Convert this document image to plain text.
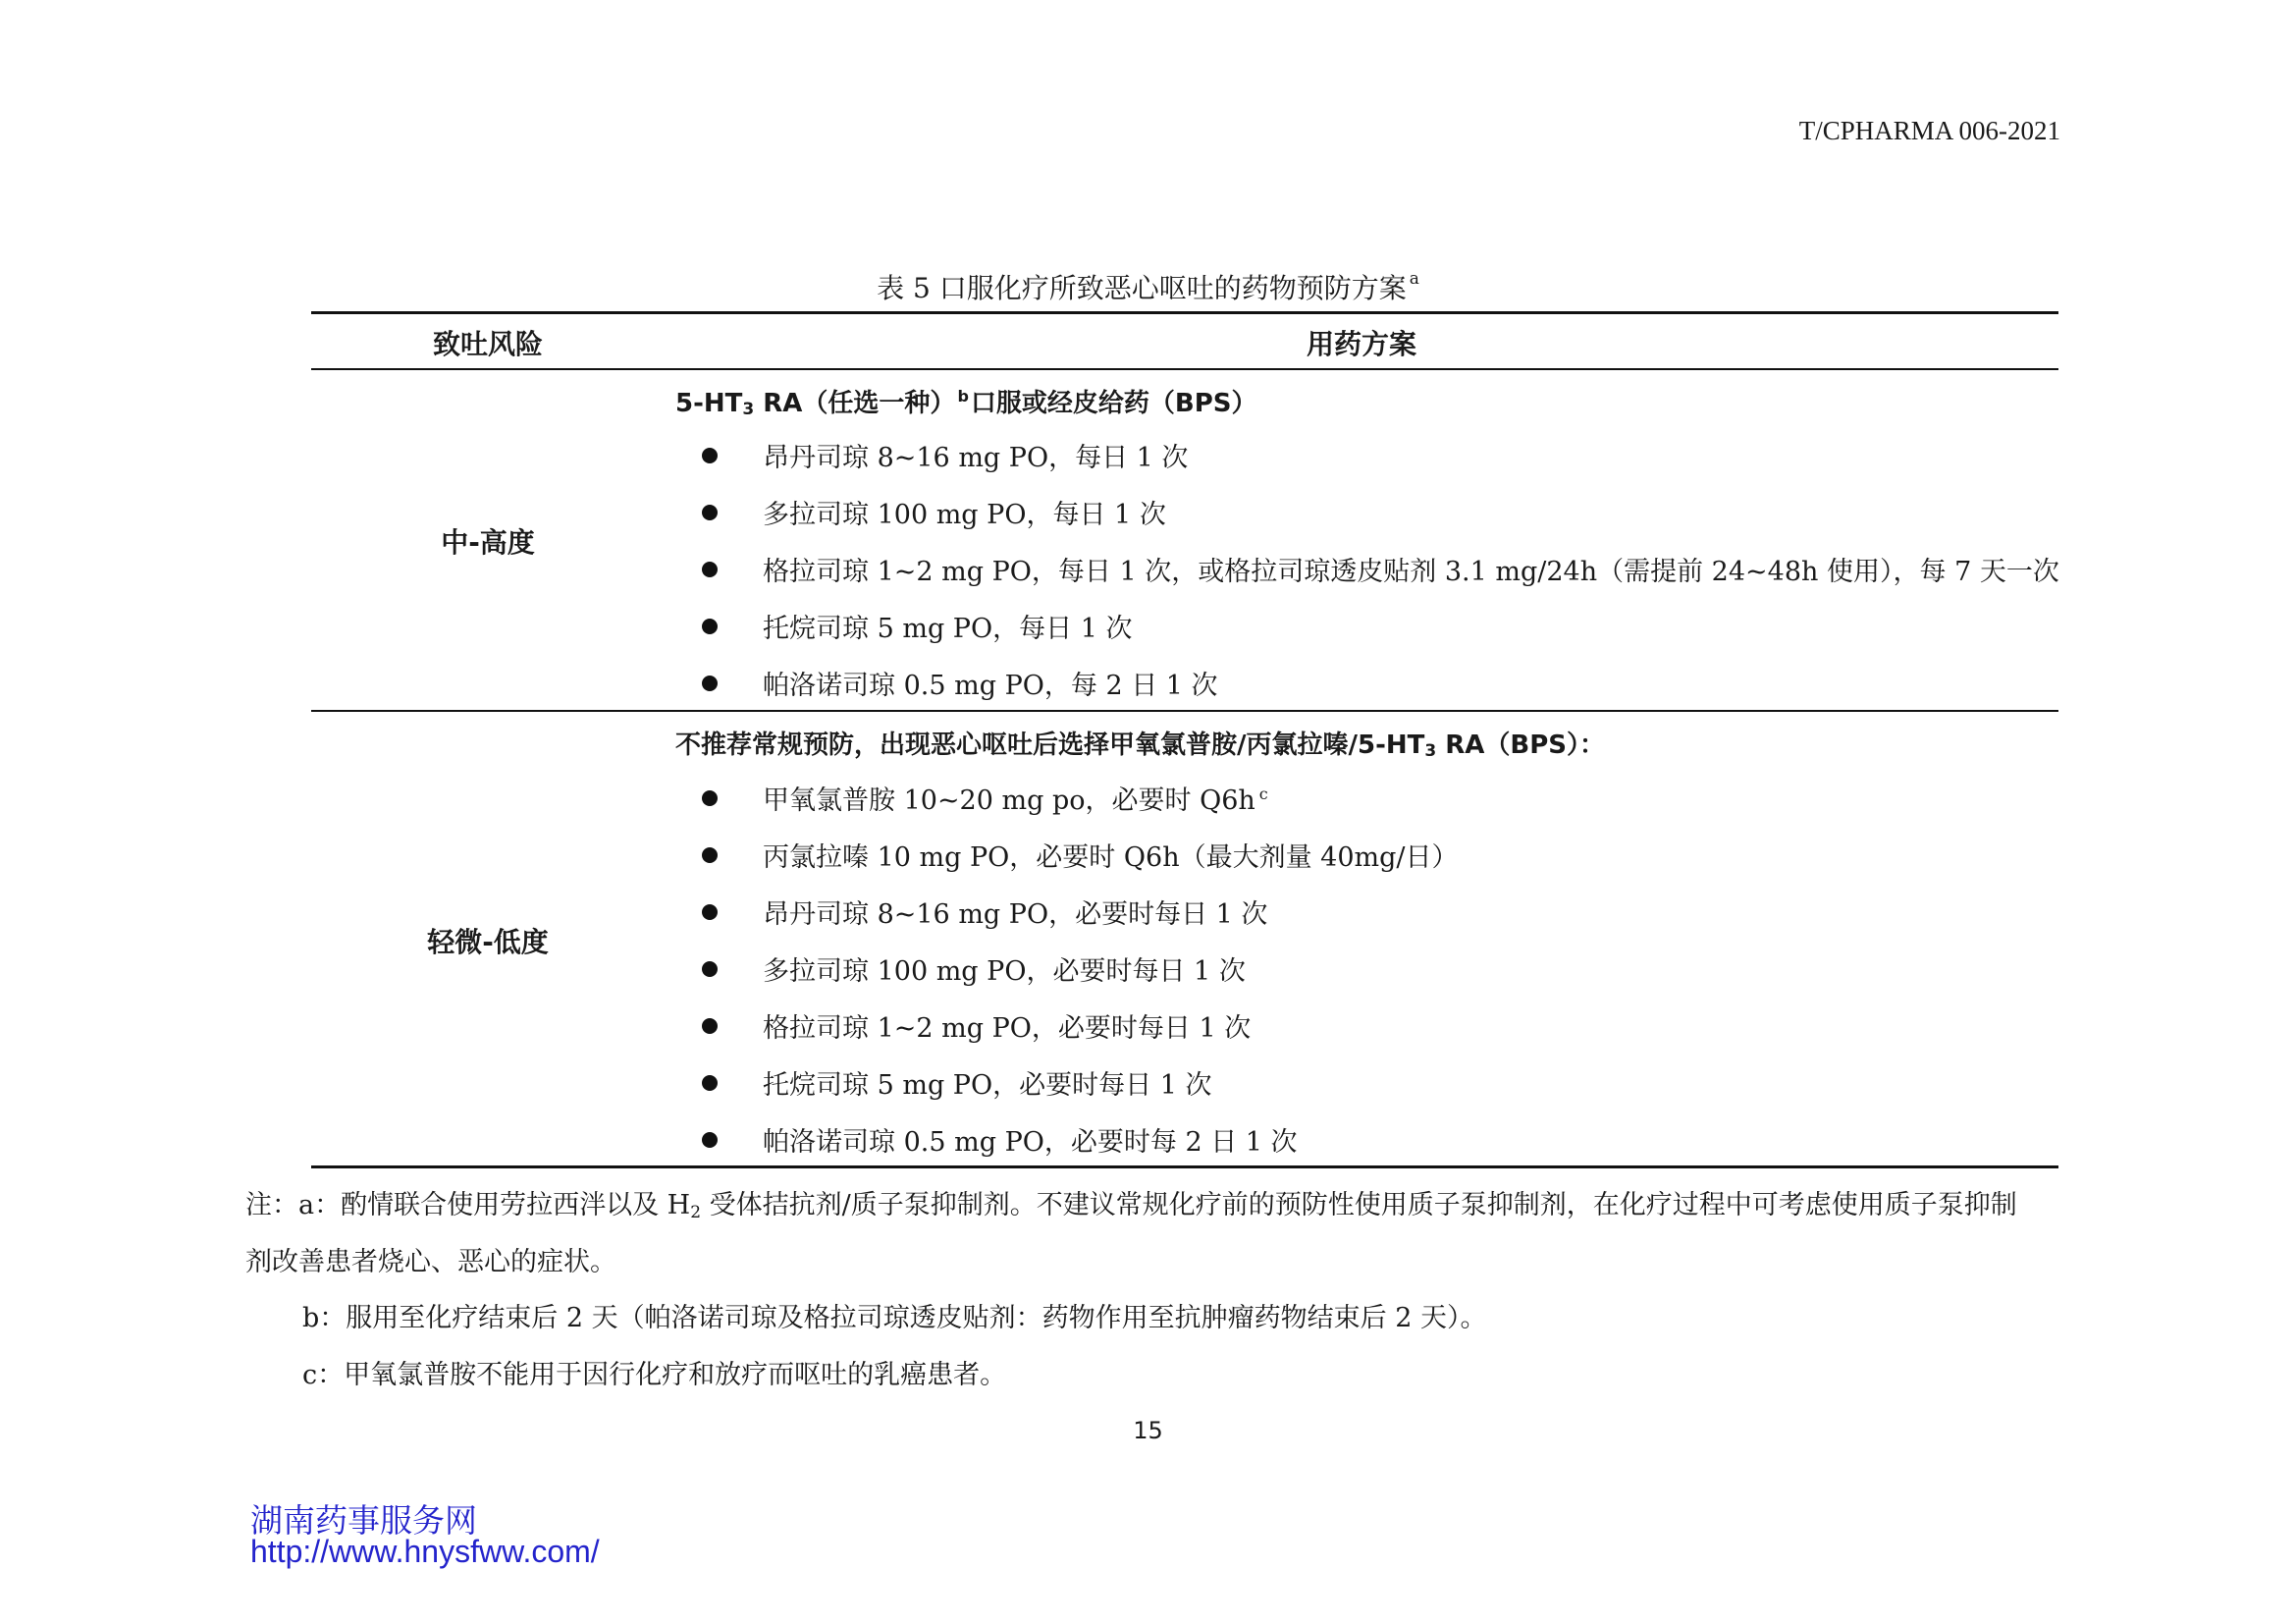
T/CPHARMA 006-2021
表 5 口服化疗所致恶心呕吐的药物预防方案 $^a$
致吐风险	用药方案
中-高度
$5-HT_3$ RA（任选一种） $^b$口服或经皮给药（BPS）
昂丹司琼 8~16 mg PO，每日 1 次
多拉司琼 100 mg PO，每日 1 次
格拉司琼 1~2 mg PO，每日 1 次，或格拉司琼透皮贴剂 3.1 mg/24h（需提前 24~48h 使用），每 7 天一次
托烷司琼 5 mg PO，每日 1 次
帕洛诺司琼 0.5 mg PO，每 2 日 1 次
轻微-低度
不推荐常规预防，出现恶心呕吐后选择甲氧氯普胺/丙氯拉嗪$/5-HT_3$ RA（BPS）：
甲氧氯普胺 10~20 mg po，必要时 Q6h $^c$
丙氯拉嗪 10 mg PO，必要时 Q6h（最大剂量 40mg/日）
昂丹司琼 8~16 mg PO，必要时每日 1 次
多拉司琼 100 mg PO，必要时每日 1 次
格拉司琼 1~2 mg PO，必要时每日 1 次
托烷司琼 5 mg PO，必要时每日 1 次
帕洛诺司琼 0.5 mg PO，必要时每 2 日 1 次
注：a：酌情联合使用劳拉西泮以及 $H_2$ 受体拮抗剂/质子泵抑制剂。不建议常规化疗前的预防性使用质子泵抑制剂，在化疗过程中可考虑使用质子泵抑制
剂改善患者烧心、恶心的症状。
b：服用至化疗结束后 2 天（帕洛诺司琼及格拉司琼透皮贴剂：药物作用至抗肿瘤药物结束后 2 天）。
c：甲氧氯普胺不能用于因行化疗和放疗而呕吐的乳癌患者。
15
湖南药事服务网
http://www.hnysfww.com/
